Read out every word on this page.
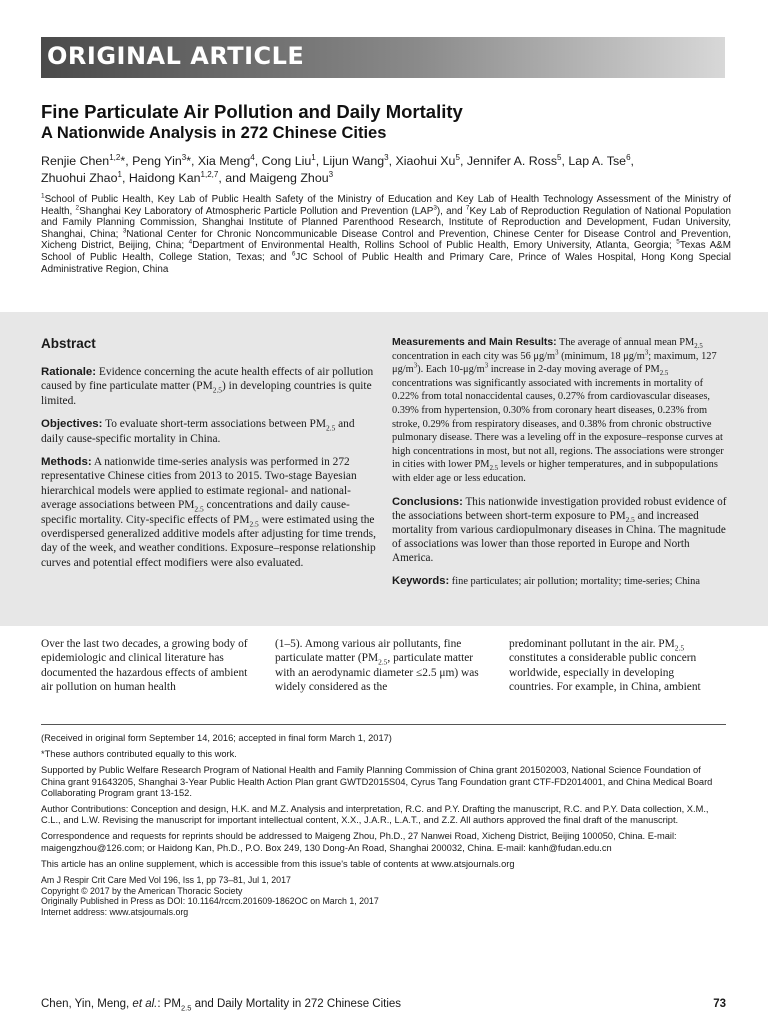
ORIGINAL ARTICLE
Fine Particulate Air Pollution and Daily Mortality
A Nationwide Analysis in 272 Chinese Cities
Renjie Chen$^{1,2}$*, Peng Yin$^3$*, Xia Meng$^4$, Cong Liu$^1$, Lijun Wang$^3$, Xiaohui Xu$^5$, Jennifer A. Ross$^5$, Lap A. Tse$^6$,
Zhuohui Zhao$^1$, Haidong Kan$^{1,2,7}$, and Maigeng Zhou$^3$
$^1$School of Public Health, Key Lab of Public Health Safety of the Ministry of Education and Key Lab of Health Technology Assessment of the Ministry of Health, $^2$Shanghai Key Laboratory of Atmospheric Particle Pollution and Prevention (LAP$^3$), and $^7$Key Lab of Reproduction Regulation of National Population and Family Planning Commission, Shanghai Institute of Planned Parenthood Research, Institute of Reproduction and Development, Fudan University, Shanghai, China; $^3$National Center for Chronic Noncommunicable Disease Control and Prevention, Chinese Center for Disease Control and Prevention, Xicheng District, Beijing, China; $^4$Department of Environmental Health, Rollins School of Public Health, Emory University, Atlanta, Georgia; $^5$Texas A&M School of Public Health, College Station, Texas; and $^6$JC School of Public Health and Primary Care, Prince of Wales Hospital, Hong Kong Special Administrative Region, China
Abstract

Rationale: Evidence concerning the acute health effects of air pollution caused by fine particulate matter $(PM_{2.5})$ in developing countries is quite limited.

Objectives: To evaluate short-term associations between $PM_{2.5}$ and daily cause-specific mortality in China.

Methods: A nationwide time-series analysis was performed in 272 representative Chinese cities from 2013 to 2015. Two-stage Bayesian hierarchical models were applied to estimate regional- and national-average associations between $PM_{2.5}$ concentrations and daily cause-specific mortality. City-specific effects of $PM_{2.5}$ were estimated using the overdispersed generalized additive models after adjusting for time trends, day of the week, and weather conditions. Exposure–response relationship curves and potential effect modifiers were also evaluated.

Measurements and Main Results: The average of annual mean $PM_{2.5}$ concentration in each city was 56 $\mu g/m^3$ (minimum, 18 $\mu g/m^3$; maximum, 127 $\mu g/m^3$). Each $10-\mu g/m^3$ increase in 2-day moving average of $PM_{2.5}$ concentrations was significantly associated with increments in mortality of 0.22% from total nonaccidental causes, 0.27% from cardiovascular diseases, 0.39% from hypertension, 0.30% from coronary heart diseases, 0.23% from stroke, 0.29% from respiratory diseases, and 0.38% from chronic obstructive pulmonary disease. There was a leveling off in the exposure–response curves at high concentrations in most, but not all, regions. The associations were stronger in cities with lower $PM_{2.5}$ levels or higher temperatures, and in subpopulations with elder age or less education.

Conclusions: This nationwide investigation provided robust evidence of the associations between short-term exposure to $PM_{2.5}$ and increased mortality from various cardiopulmonary diseases in China. The magnitude of associations was lower than those reported in Europe and North America.

Keywords: fine particulates; air pollution; mortality; time-series; China

Over the last two decades, a growing body of epidemiologic and clinical literature has documented the hazardous effects of ambient air pollution on human health
(1–5). Among various air pollutants, fine particulate matter ($PM_{2.5}$, particulate matter with an aerodynamic diameter ≤2.5 μm) was widely considered as the
predominant pollutant in the air. $PM_{2.5}$ constitutes a considerable public concern worldwide, especially in developing countries. For example, in China, ambient

(Received in original form September 14, 2016; accepted in final form March 1, 2017)

*These authors contributed equally to this work.

Supported by Public Welfare Research Program of National Health and Family Planning Commission of China grant 201502003, National Science Foundation of China grant 91643205, Shanghai 3-Year Public Health Action Plan grant GWTD2015S04, Cyrus Tang Foundation grant CTF-FD2014001, and China Medical Board Collaborating Program grant 13-152.

Author Contributions: Conception and design, H.K. and M.Z. Analysis and interpretation, R.C. and P.Y. Drafting the manuscript, R.C. and P.Y. Data collection, X.M., C.L., and L.W. Revising the manuscript for important intellectual content, X.X., J.A.R., L.A.T., and Z.Z. All authors approved the final draft of the manuscript.

Correspondence and requests for reprints should be addressed to Maigeng Zhou, Ph.D., 27 Nanwei Road, Xicheng District, Beijing 100050, China. E-mail: maigengzhou@126.com; or Haidong Kan, Ph.D., P.O. Box 249, 130 Dong-An Road, Shanghai 200032, China. E-mail: kanh@fudan.edu.cn

This article has an online supplement, which is accessible from this issue's table of contents at www.atsjournals.org

Am J Respir Crit Care Med Vol 196, Iss 1, pp 73–81, Jul 1, 2017

Copyright © 2017 by the American Thoracic Society

Originally Published in Press as DOI: 10.1164/rccm.201609-1862OC on March 1, 2017

Internet address: www.atsjournals.org

Chen, Yin, Meng, et al.: $PM_{2.5}$ and Daily Mortality in 272 Chinese Cities	73
